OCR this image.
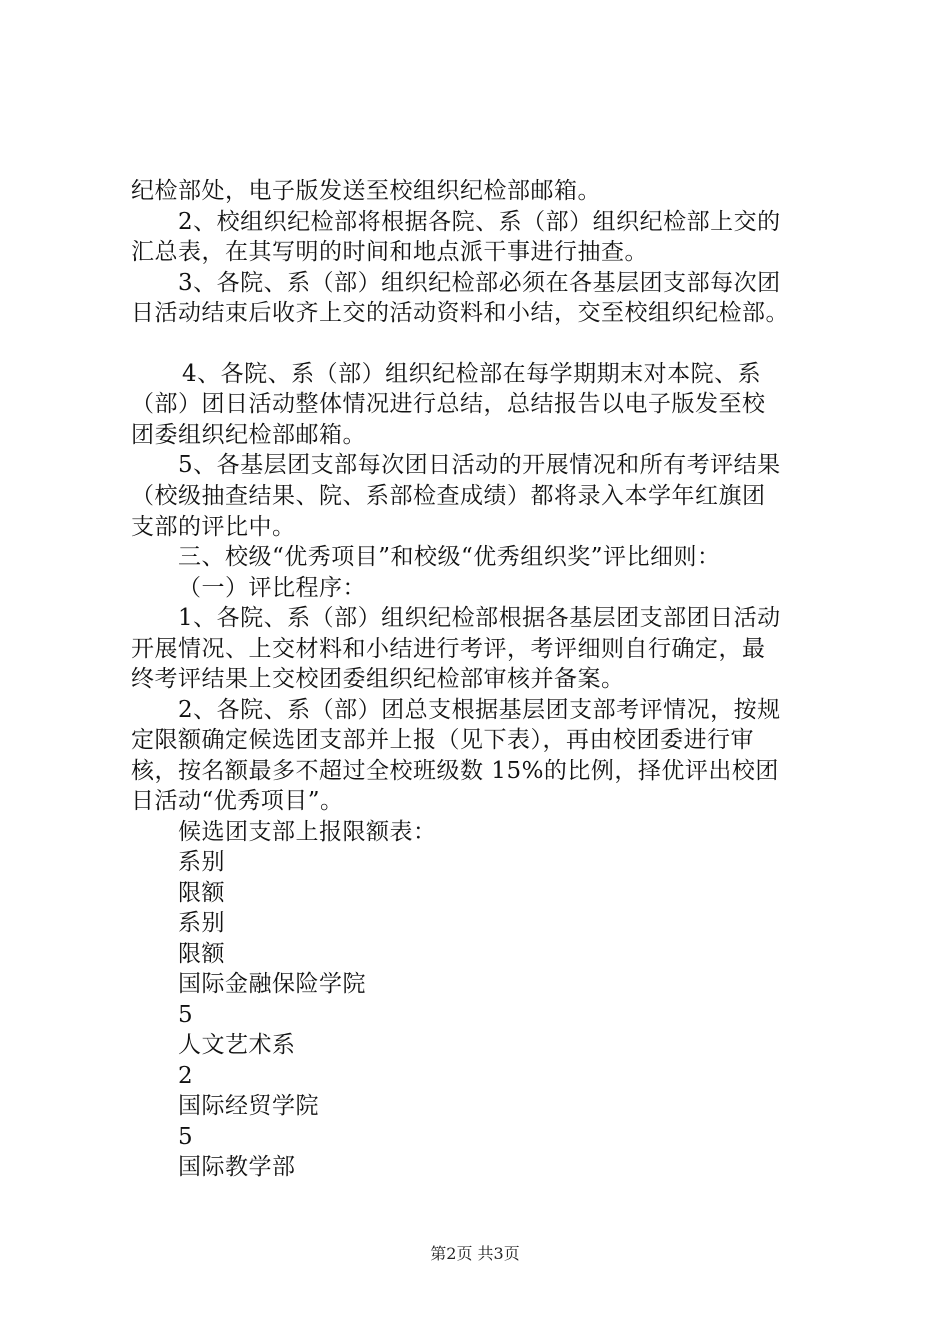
纪检部处，电子版发送至校组织纪检部邮箱。
2、校组织纪检部将根据各院、系（部）组织纪检部上交的
汇总表，在其写明的时间和地点派干事进行抽查。
3、各院、系（部）组织纪检部必须在各基层团支部每次团
日活动结束后收齐上交的活动资料和小结，交至校组织纪检部。
4、各院、系（部）组织纪检部在每学期期末对本院、系
（部）团日活动整体情况进行总结，总结报告以电子版发至校
团委组织纪检部邮箱。
5、各基层团支部每次团日活动的开展情况和所有考评结果
（校级抽查结果、院、系部检查成绩）都将录入本学年红旗团
支部的评比中。
三、校级“优秀项目”和校级“优秀组织奖”评比细则：
（一）评比程序：
1、各院、系（部）组织纪检部根据各基层团支部团日活动
开展情况、上交材料和小结进行考评，考评细则自行确定，最
终考评结果上交校团委组织纪检部审核并备案。
2、各院、系（部）团总支根据基层团支部考评情况，按规
定限额确定候选团支部并上报（见下表），再由校团委进行审
核，按名额最多不超过全校班级数 15%的比例，择优评出校团
日活动“优秀项目”。
候选团支部上报限额表：
系别
限额
系别
限额
国际金融保险学院
5
人文艺术系
2
国际经贸学院
5
国际教学部
第2页 共3页
